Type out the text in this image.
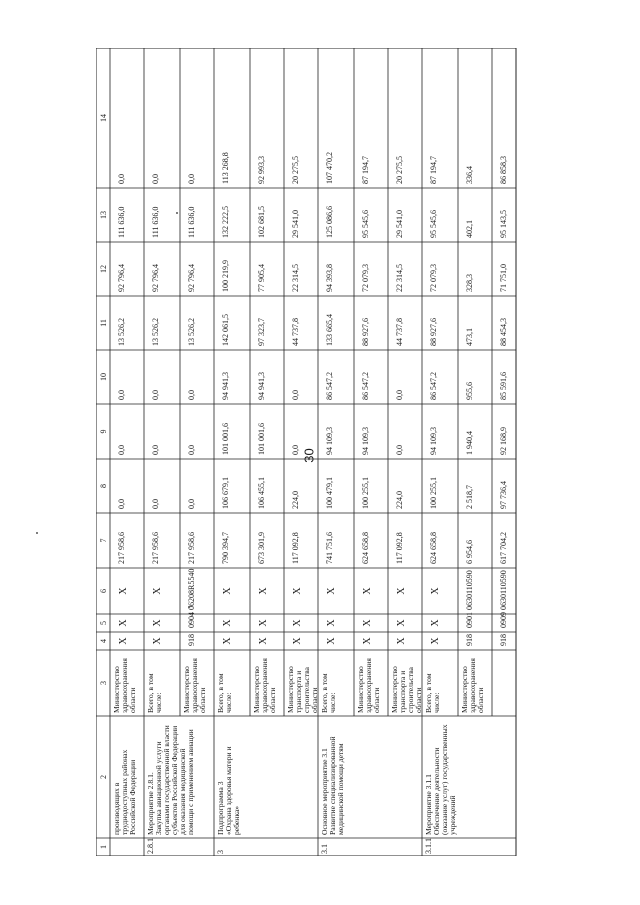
30
1
2
3
4
5
6
7
8
9
10
11
12
13
14
производящих в труднодоступных районах Российской Федерации
Министерство здравоохранения области
X
X
X
217 958,6
0,0
0,0
0,0
13 526,2
92 796,4
111 636,0
0,0
2.8.1
Мероприятие 2.8.1. Закупка авиационной услуги органами государственной власти субъектов Российской Федерации для оказания медицинской помощи с применением авиации
Всего, в том числе:
X
X
X
217 958,6
0,0
0,0
0,0
13 526,2
92 796,4
111 636,0
0,0
Министерство здравоохранения области
918
0904
06208R5540
217 958,6
0,0
0,0
0,0
13 526,2
92 796,4
111 636,0
0,0
3
Подпрограмма 3 «Охрана здоровья матери и ребенка»
Всего, в том числе:
X
X
X
790 394,7
106 679,1
101 001,6
94 941,3
142 061,5
100 219,9
132 222,5
113 268,8
Министерство здравоохранения области
X
X
X
673 301,9
106 455,1
101 001,6
94 941,3
97 323,7
77 905,4
102 681,5
92 993,3
Министерство транспорта и строительства области
X
X
X
117 092,8
224,0
0,0
0,0
44 737,8
22 314,5
29 541,0
20 275,5
3.1
Основное мероприятие 3.1 Развитие специализированной медицинской помощи детям
Всего, в том числе:
X
X
X
741 751,6
100 479,1
94 109,3
86 547,2
133 665,4
94 393,8
125 086,6
107 470,2
Министерство здравоохранения области
X
X
X
624 658,8
100 255,1
94 109,3
86 547,2
88 927,6
72 079,3
95 545,6
87 194,7
Министерство транспорта и строительства области
X
X
X
117 092,8
224,0
0,0
0,0
44 737,8
22 314,5
29 541,0
20 275,5
3.1.1
Мероприятие 3.1.1 Обеспечение деятельности (оказание услуг) государственных учреждений
Всего, в том числе:
X
X
X
624 658,8
100 255,1
94 109,3
86 547,2
88 927,6
72 079,3
95 545,6
87 194,7
Министерство здравоохранения области
918
0901
0630110590
6 954,6
2 518,7
1 940,4
955,6
473,1
328,3
402,1
336,4
918
0909
0630110590
617 704,2
97 736,4
92 168,9
85 591,6
88 454,3
71 751,0
95 143,5
86 858,3
